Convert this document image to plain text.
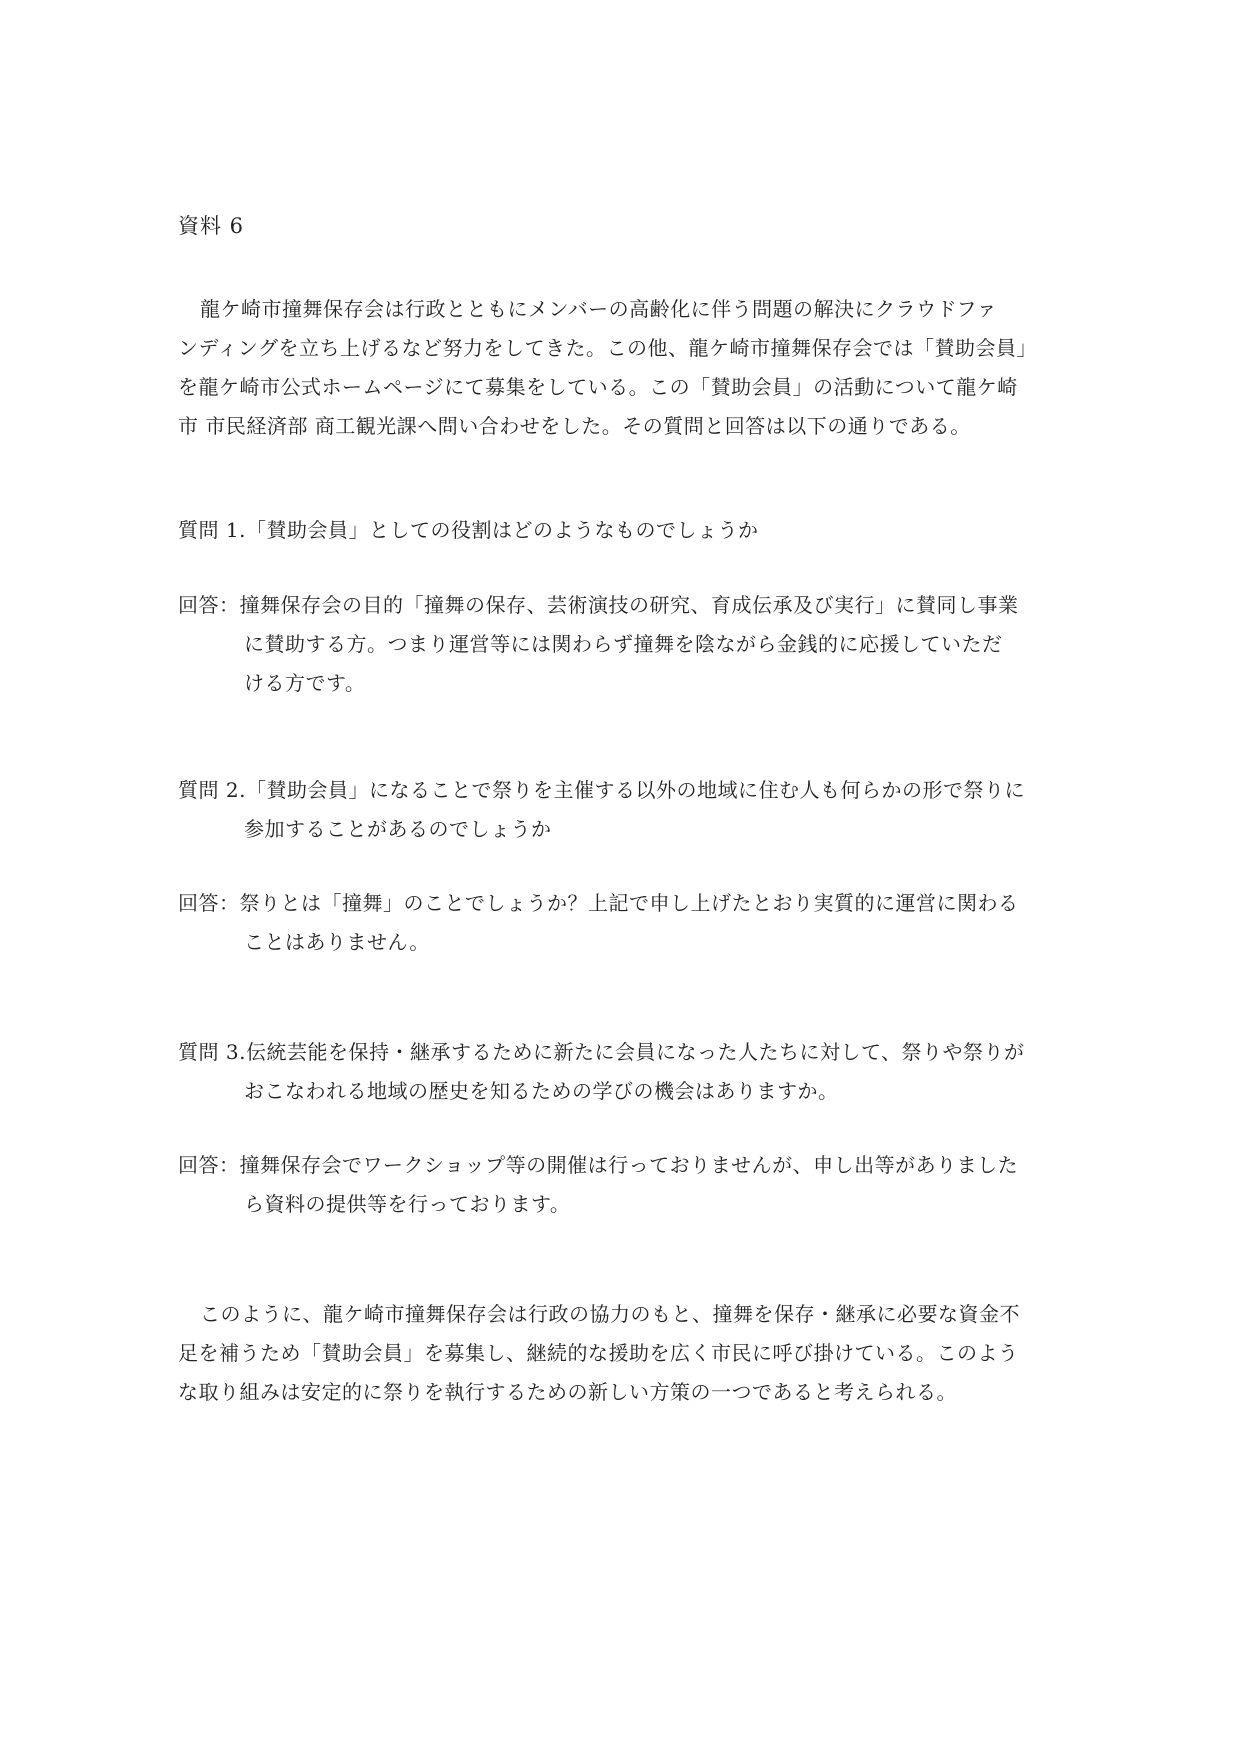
資料 6
龍ケ崎市撞舞保存会は行政とともにメンバーの高齢化に伴う問題の解決にクラウドファ
ンディングを立ち上げるなど努力をしてきた。この他、龍ケ崎市撞舞保存会では「賛助会員」
を龍ケ崎市公式ホームページにて募集をしている。この「賛助会員」の活動について龍ケ崎
市 市民経済部 商工観光課へ問い合わせをした。その質問と回答は以下の通りである。
質問 1.「賛助会員」としての役割はどのようなものでしょうか
回答：撞舞保存会の目的「撞舞の保存、芸術演技の研究、育成伝承及び実行」に賛同し事業
に賛助する方。つまり運営等には関わらず撞舞を陰ながら金銭的に応援していただ
ける方です。
質問 2.「賛助会員」になることで祭りを主催する以外の地域に住む人も何らかの形で祭りに
参加することがあるのでしょうか
回答：祭りとは「撞舞」のことでしょうか？上記で申し上げたとおり実質的に運営に関わる
ことはありません。
質問 3.伝統芸能を保持・継承するために新たに会員になった人たちに対して、祭りや祭りが
おこなわれる地域の歴史を知るための学びの機会はありますか。
回答：撞舞保存会でワークショップ等の開催は行っておりませんが、申し出等がありました
ら資料の提供等を行っております。
このように、龍ケ崎市撞舞保存会は行政の協力のもと、撞舞を保存・継承に必要な資金不
足を補うため「賛助会員」を募集し、継続的な援助を広く市民に呼び掛けている。このよう
な取り組みは安定的に祭りを執行するための新しい方策の一つであると考えられる。
